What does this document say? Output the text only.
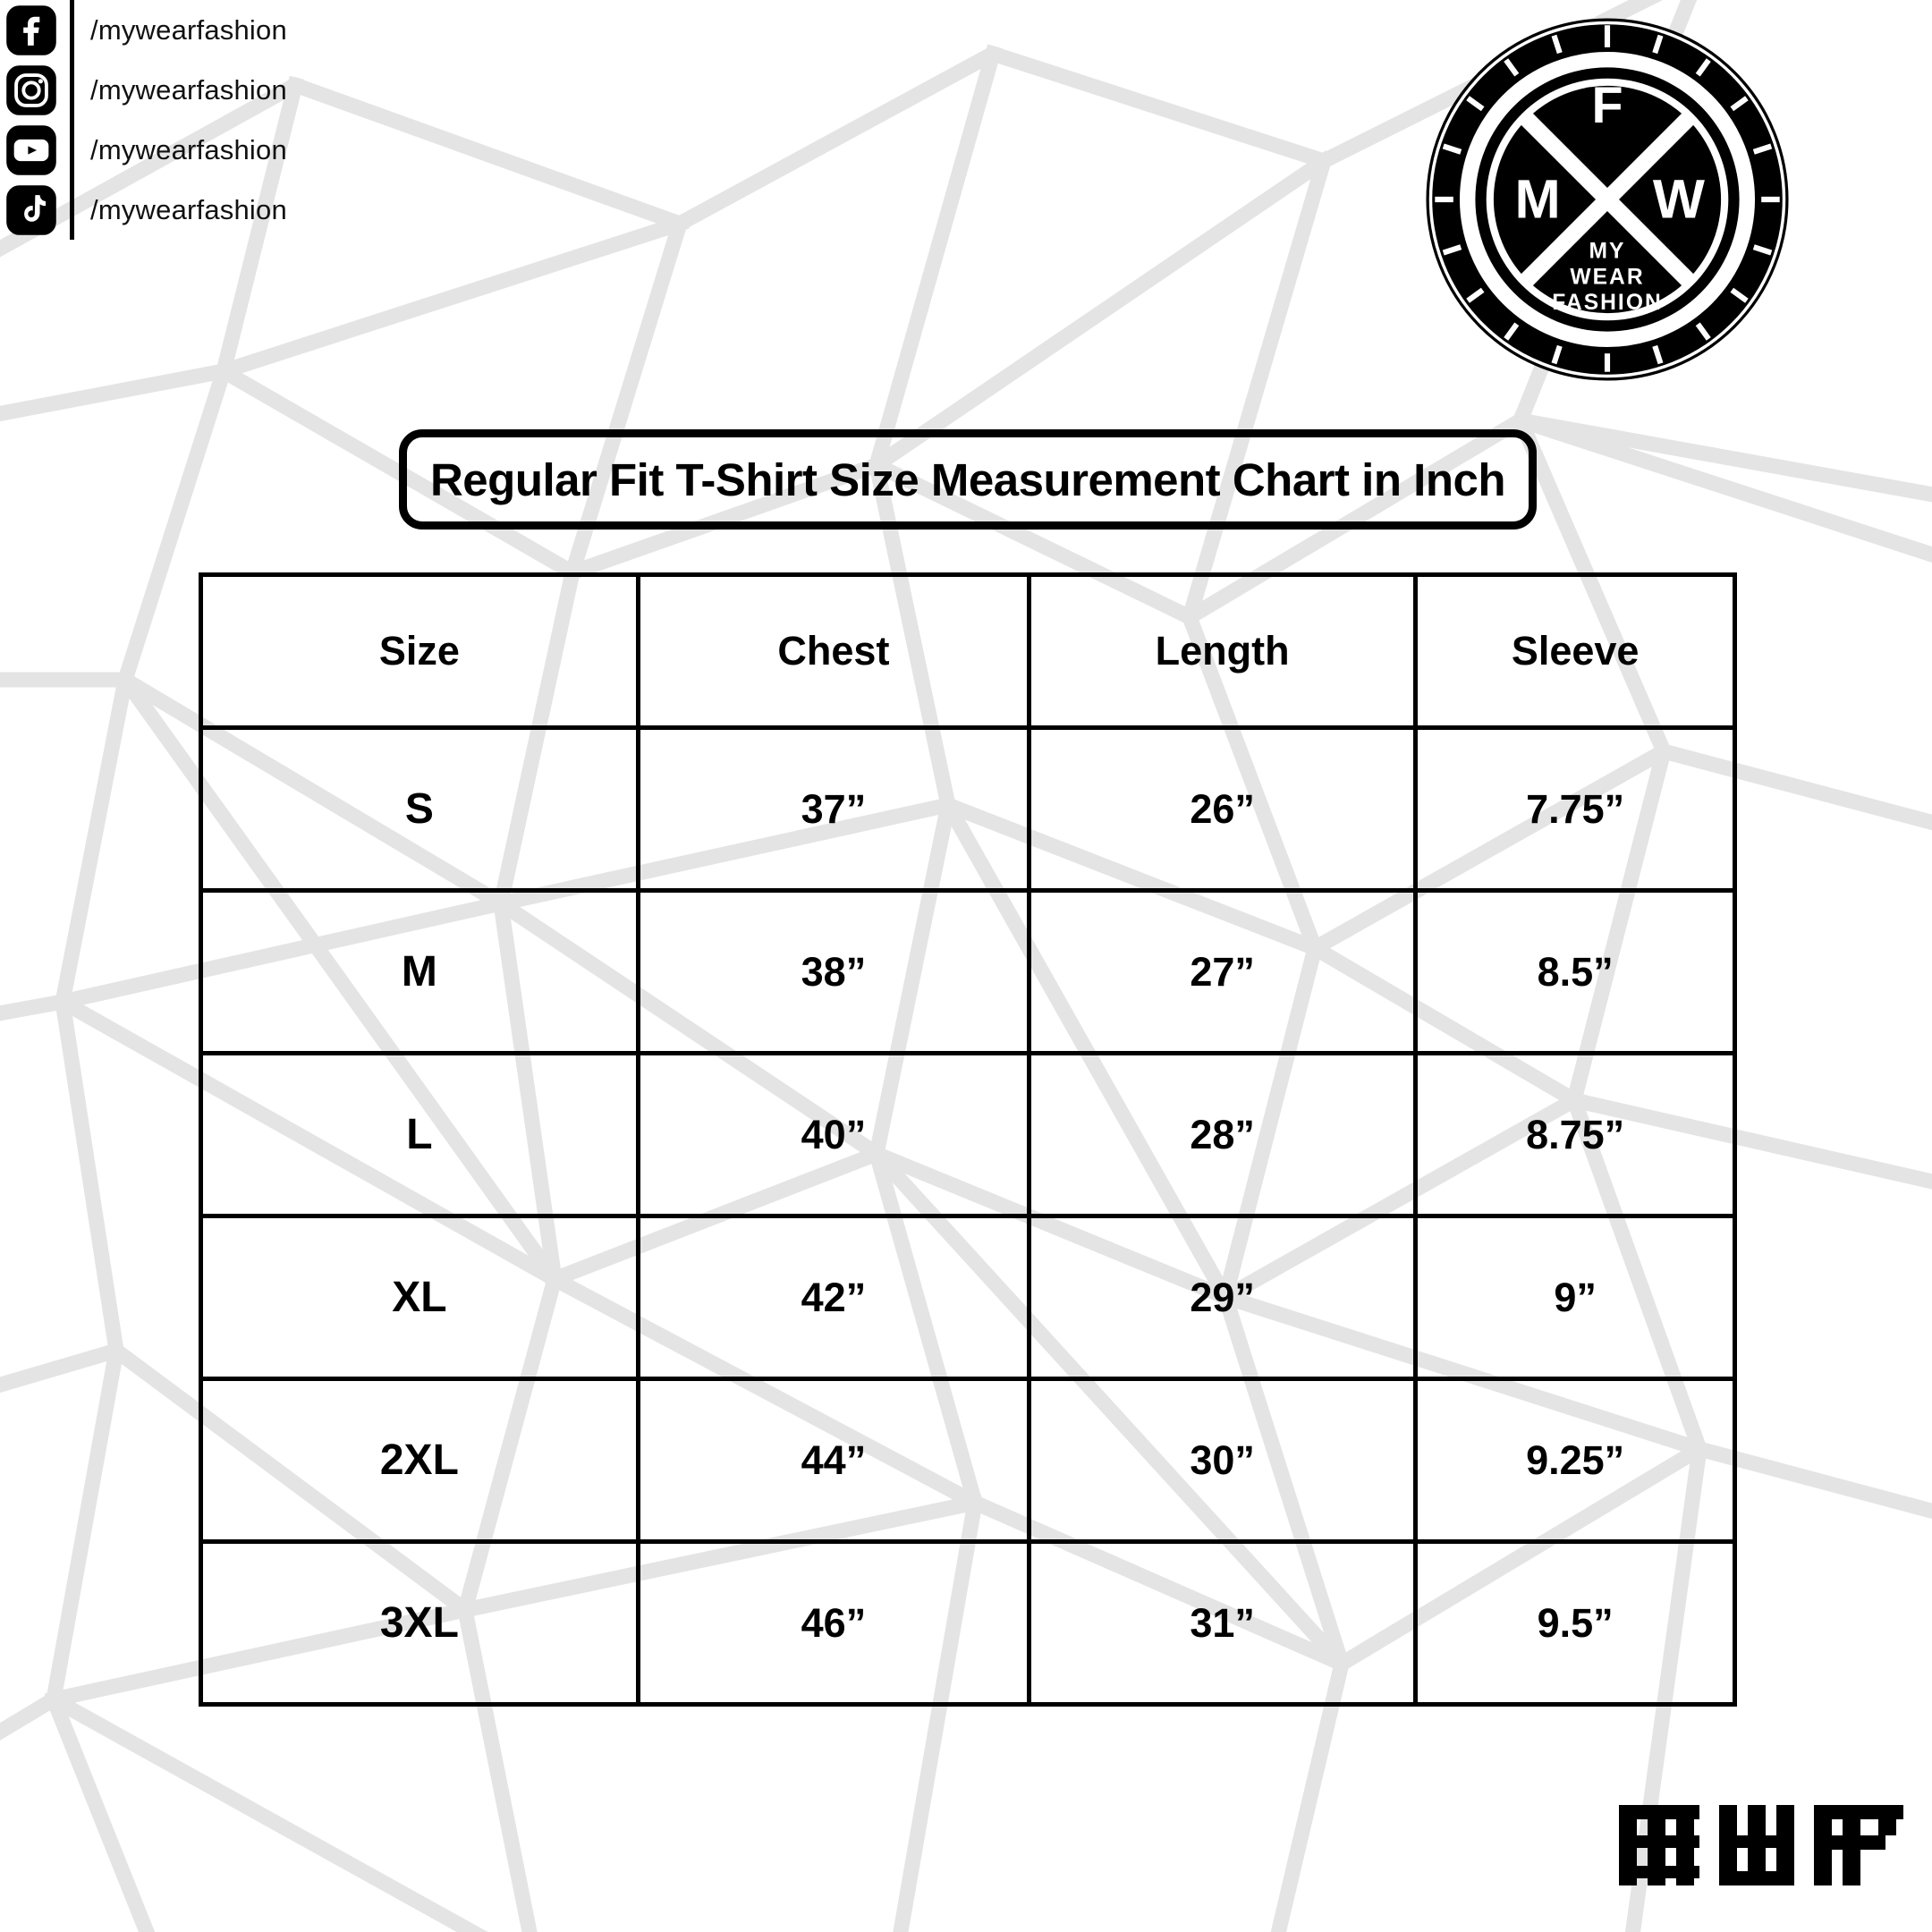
/mywearfashion
/mywearfashion
/mywearfashion
/mywearfashion
F
M	W
MY
WEAR
FASHION
Regular Fit T-Shirt Size Measurement Chart in Inch
Size	Chest	Length	Sleeve
S	37”	26”	7.75”
M	38”	27”	8.5”
L	40”	28”	8.75”
XL	42”	29”	9”
2XL	44”	30”	9.25”
3XL	46”	31”	9.5”
